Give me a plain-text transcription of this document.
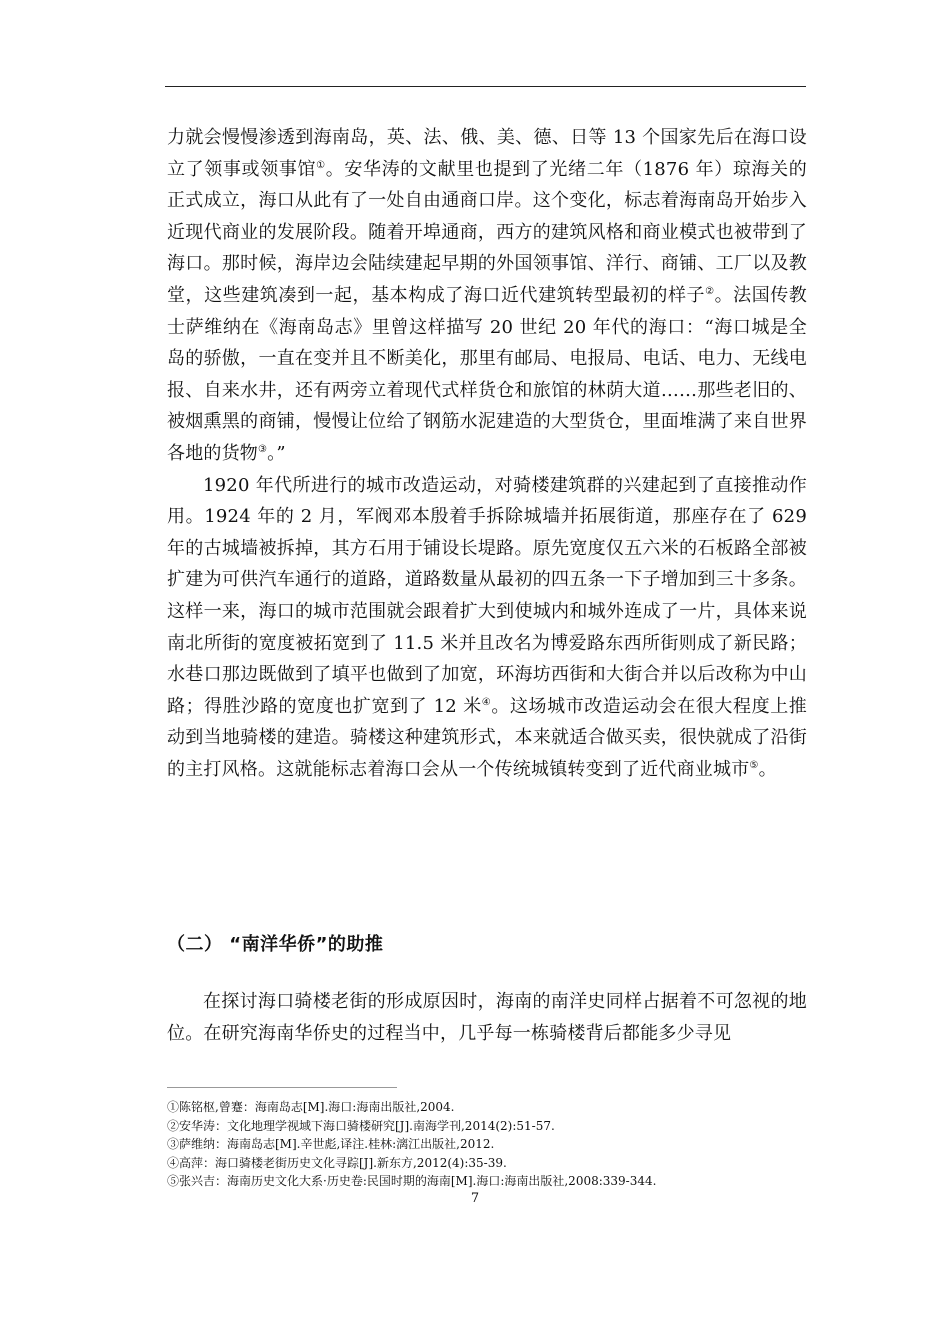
力就会慢慢渗透到海南岛，英、法、俄、美、德、日等 13 个国家先后在海口设立了领事或领事馆①。安华涛的文献里也提到了光绪二年（1876 年）琼海关的正式成立，海口从此有了一处自由通商口岸。这个变化，标志着海南岛开始步入近现代商业的发展阶段。随着开埠通商，西方的建筑风格和商业模式也被带到了海口。那时候，海岸边会陆续建起早期的外国领事馆、洋行、商铺、工厂以及教堂，这些建筑凑到一起，基本构成了海口近代建筑转型最初的样子②。法国传教士萨维纳在《海南岛志》里曾这样描写 20 世纪 20 年代的海口：“海口城是全岛的骄傲，一直在变并且不断美化，那里有邮局、电报局、电话、电力、无线电报、自来水井，还有两旁立着现代式样货仓和旅馆的林荫大道……那些老旧的、被烟熏黑的商铺，慢慢让位给了钢筋水泥建造的大型货仓，里面堆满了来自世界各地的货物③。”

1920 年代所进行的城市改造运动，对骑楼建筑群的兴建起到了直接推动作用。1924 年的 2 月，军阀邓本殷着手拆除城墙并拓展街道，那座存在了 629 年的古城墙被拆掉，其方石用于铺设长堤路。原先宽度仅五六米的石板路全部被扩建为可供汽车通行的道路，道路数量从最初的四五条一下子增加到三十多条。这样一来，海口的城市范围就会跟着扩大到使城内和城外连成了一片，具体来说南北所街的宽度被拓宽到了 11.5 米并且改名为博爱路东西所街则成了新民路；水巷口那边既做到了填平也做到了加宽，环海坊西街和大街合并以后改称为中山路；得胜沙路的宽度也扩宽到了 12 米④。这场城市改造运动会在很大程度上推动到当地骑楼的建造。骑楼这种建筑形式，本来就适合做买卖，很快就成了沿街的主打风格。这就能标志着海口会从一个传统城镇转变到了近代商业城市⑤。

（二） “南洋华侨”的助推

在探讨海口骑楼老街的形成原因时，海南的南洋史同样占据着不可忽视的地位。在研究海南华侨史的过程当中，几乎每一栋骑楼背后都能多少寻见

①陈铭枢,曾蹇：海南岛志[M].海口:海南出版社,2004.
②安华涛：文化地理学视域下海口骑楼研究[J].南海学刊,2014(2):51-57.
③萨维纳：海南岛志[M].辛世彪,译注.桂林:漓江出版社,2012.
④高萍：海口骑楼老街历史文化寻踪[J].新东方,2012(4):35-39.
⑤张兴吉：海南历史文化大系·历史卷:民国时期的海南[M].海口:海南出版社,2008:339-344.
7
